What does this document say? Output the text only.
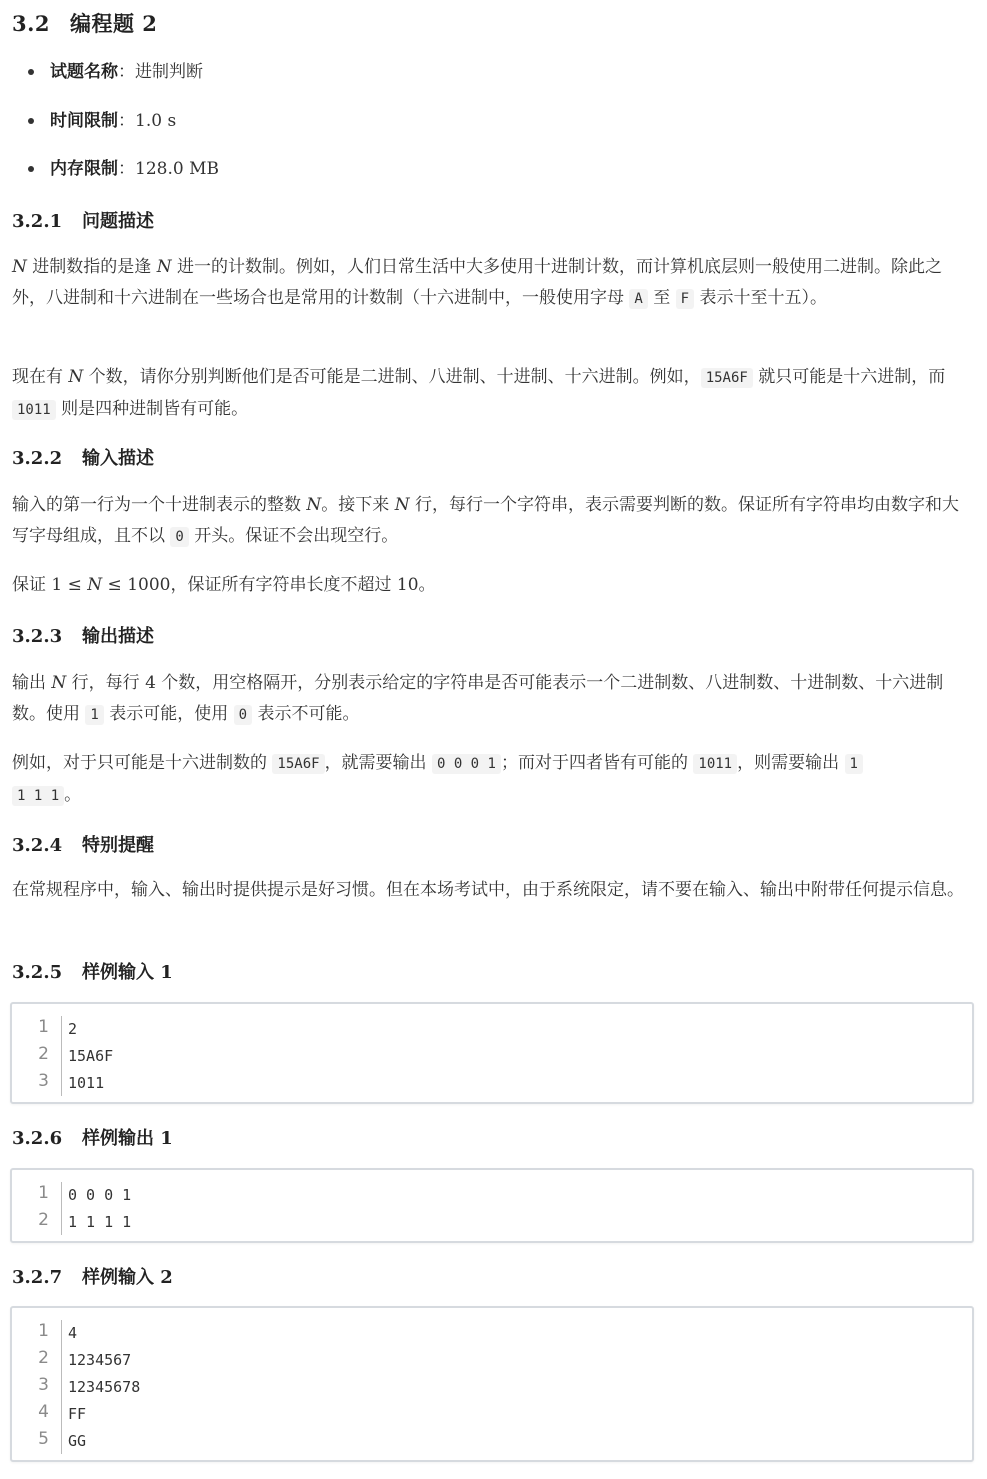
3.2 编程题 2
试题名称：进制判断
时间限制：1.0 s
内存限制：128.0 MB
3.2.1 问题描述

N 进制数指的是逢 N 进一的计数制。例如，人们日常生活中大多使用十进制计数，而计算机底层则一般使用二进制。除此之外，八进制和十六进制在一些场合也是常用的计数制（十六进制中，一般使用字母 A 至 F 表示十至十五）。

现在有 N 个数，请你分别判断他们是否可能是二进制、八进制、十进制、十六进制。例如， 15A6F 就只可能是十六进制，而 1011 则是四种进制皆有可能。

3.2.2 输入描述

输入的第一行为一个十进制表示的整数 N。接下来 N 行，每行一个字符串，表示需要判断的数。保证所有字符串均由数字和大写字母组成，且不以 0 开头。保证不会出现空行。

保证 1 ≤ N ≤ 1000，保证所有字符串长度不超过 10。

3.2.3 输出描述

输出 N 行，每行 4 个数，用空格隔开，分别表示给定的字符串是否可能表示一个二进制数、八进制数、十进制数、十六进制数。使用 1 表示可能，使用 0 表示不可能。

例如，对于只可能是十六进制数的 15A6F ，就需要输出 0 0 0 1 ；而对于四者皆有可能的 1011 ，则需要输出 1
1 1 1 。

3.2.4 特别提醒

在常规程序中，输入、输出时提供提示是好习惯。但在本场考试中，由于系统限定，请不要在输入、输出中附带任何提示信息。

3.2.5 样例输入 1
1
2
3
2
15A6F
1011
3.2.6 样例输出 1
1
2
0 0 0 1
1 1 1 1
3.2.7 样例输入 2
1
2
3
4
5
4
1234567
12345678
FF
GG
